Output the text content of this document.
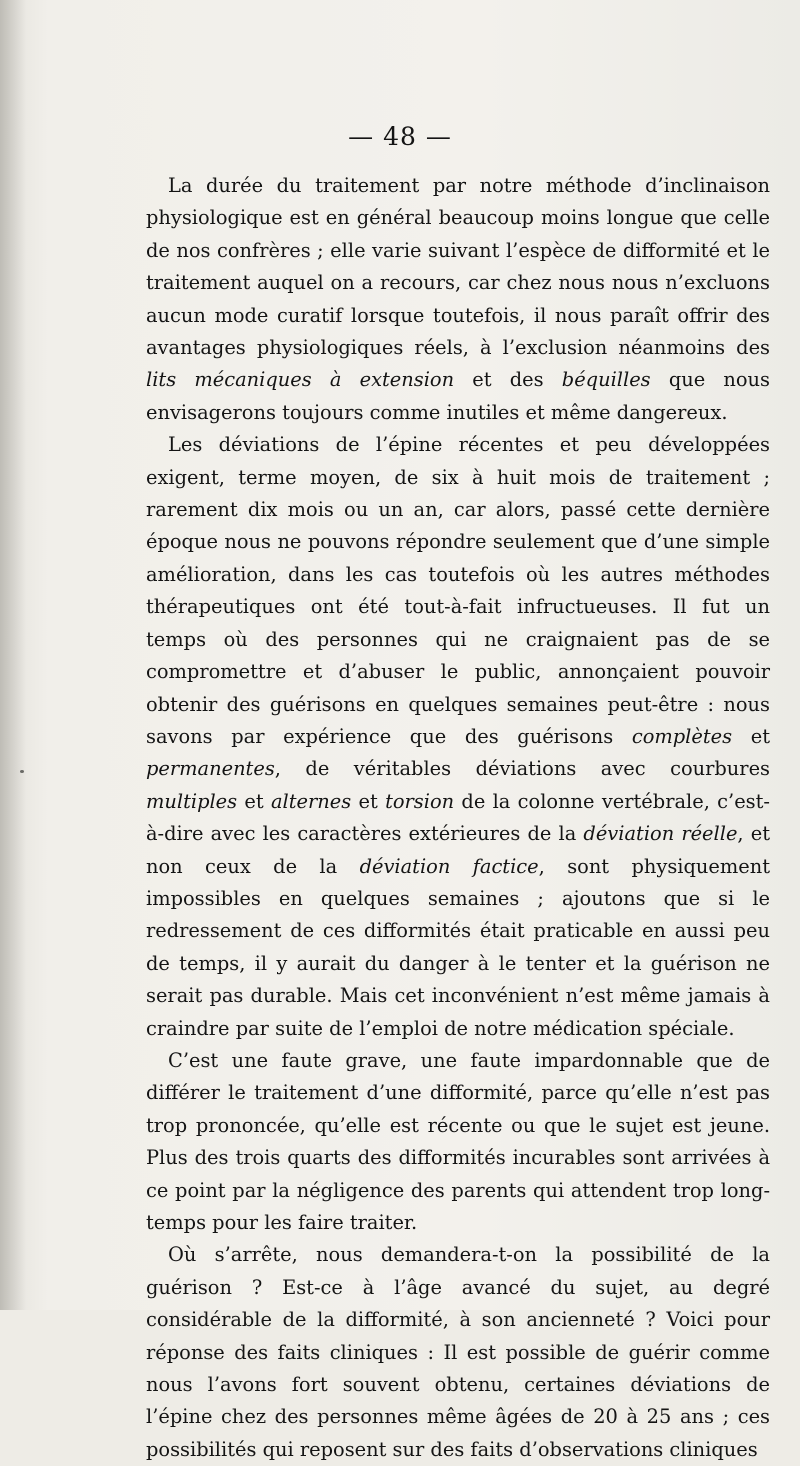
— 48 —

La durée du traitement par notre méthode d’inclinaison physiologique est en général beaucoup moins longue que celle de nos confrères ; elle varie suivant l’espèce de difformité et le traitement auquel on a recours, car chez nous nous n’excluons aucun mode curatif lorsque toutefois, il nous paraît offrir des avantages physiologiques réels, à l’exclusion néanmoins des lits mécaniques à extension et des béquilles que nous envisagerons toujours comme inutiles et même dangereux.

Les déviations de l’épine récentes et peu développées exigent, terme moyen, de six à huit mois de traitement ; rarement dix mois ou un an, car alors, passé cette dernière époque nous ne pouvons répondre seulement que d’une simple amélioration, dans les cas toutefois où les autres méthodes thérapeutiques ont été tout-à-fait infructueuses. Il fut un temps où des personnes qui ne craignaient pas de se compromettre et d’abuser le public, annonçaient pouvoir obtenir des guérisons en quelques semaines peut-être : nous savons par expérience que des guérisons complètes et permanentes, de véritables déviations avec courbures multiples et alternes et torsion de la colonne vertébrale, c’est-à-dire avec les caractères extérieures de la déviation réelle, et non ceux de la déviation factice, sont physiquement impossibles en quelques semaines ; ajoutons que si le redressement de ces difformités était praticable en aussi peu de temps, il y aurait du danger à le tenter et la guérison ne serait pas durable. Mais cet inconvénient n’est même jamais à craindre par suite de l’emploi de notre médication spéciale.

C’est une faute grave, une faute impardonnable que de différer le traitement d’une difformité, parce qu’elle n’est pas trop prononcée, qu’elle est récente ou que le sujet est jeune. Plus des trois quarts des difformités incurables sont arrivées à ce point par la négligence des parents qui attendent trop long-temps pour les faire traiter.

Où s’arrête, nous demandera-t-on la possibilité de la guérison ? Est-ce à l’âge avancé du sujet, au degré considérable de la difformité, à son ancienneté ? Voici pour réponse des faits cliniques : Il est possible de guérir comme nous l’avons fort souvent obtenu, certaines déviations de l’épine chez des personnes même âgées de 20 à 25 ans ; ces possibilités qui reposent sur des faits d’observations cliniques
